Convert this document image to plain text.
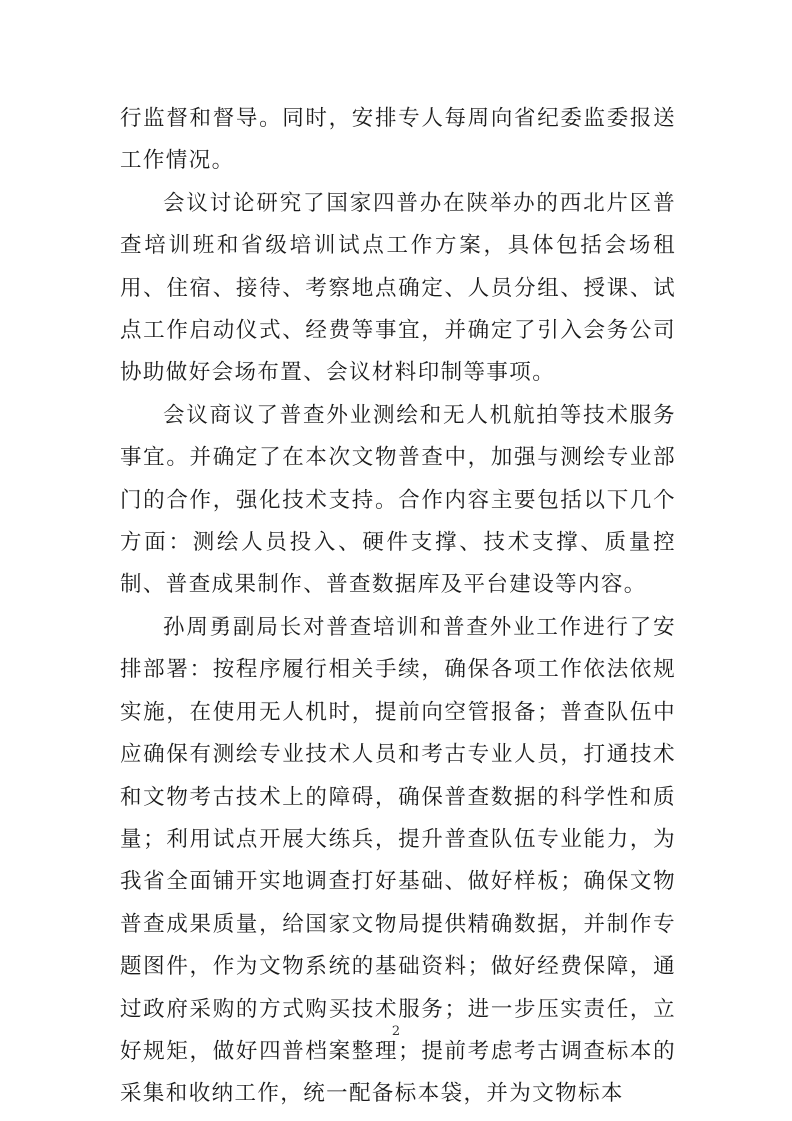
行监督和督导。同时，安排专人每周向省纪委监委报送工作情况。

会议讨论研究了国家四普办在陕举办的西北片区普查培训班和省级培训试点工作方案，具体包括会场租用、住宿、接待、考察地点确定、人员分组、授课、试点工作启动仪式、经费等事宜，并确定了引入会务公司协助做好会场布置、会议材料印制等事项。

会议商议了普查外业测绘和无人机航拍等技术服务事宜。并确定了在本次文物普查中，加强与测绘专业部门的合作，强化技术支持。合作内容主要包括以下几个方面：测绘人员投入、硬件支撑、技术支撑、质量控制、普查成果制作、普查数据库及平台建设等内容。

孙周勇副局长对普查培训和普查外业工作进行了安排部署：按程序履行相关手续，确保各项工作依法依规实施，在使用无人机时，提前向空管报备；普查队伍中应确保有测绘专业技术人员和考古专业人员，打通技术和文物考古技术上的障碍，确保普查数据的科学性和质量；利用试点开展大练兵，提升普查队伍专业能力，为我省全面铺开实地调查打好基础、做好样板；确保文物普查成果质量，给国家文物局提供精确数据，并制作专题图件，作为文物系统的基础资料；做好经费保障，通过政府采购的方式购买技术服务；进一步压实责任，立好规矩，做好四普档案整理；提前考虑考古调查标本的采集和收纳工作，统一配备标本袋，并为文物标本

2
